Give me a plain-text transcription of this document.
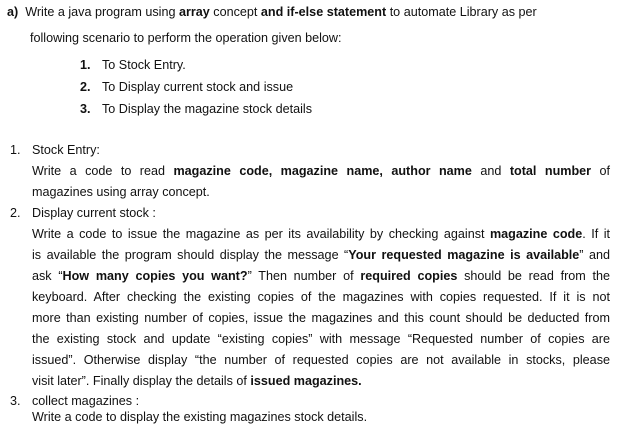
a) Write a java program using array concept and if-else statement to automate Library as per
following scenario to perform the operation given below:
1. To Stock Entry.
2. To Display current stock and issue
3. To Display the magazine stock details
1. Stock Entry:
Write a code to read magazine code, magazine name, author name and total number of
magazines using array concept.
2. Display current stock :
Write a code to issue the magazine as per its availability by checking against magazine code. If it
is available the program should display the message “Your requested magazine is available” and
ask “How many copies you want?” Then number of required copies should be read from the
keyboard. After checking the existing copies of the magazines with copies requested. If it is not
more than existing number of copies, issue the magazines and this count should be deducted from
the existing stock and update “existing copies” with message “Requested number of copies are
issued”. Otherwise display “the number of requested copies are not available in stocks, please
visit later”. Finally display the details of issued magazines.
3. collect magazines :
Write a code to display the existing magazines stock details.
